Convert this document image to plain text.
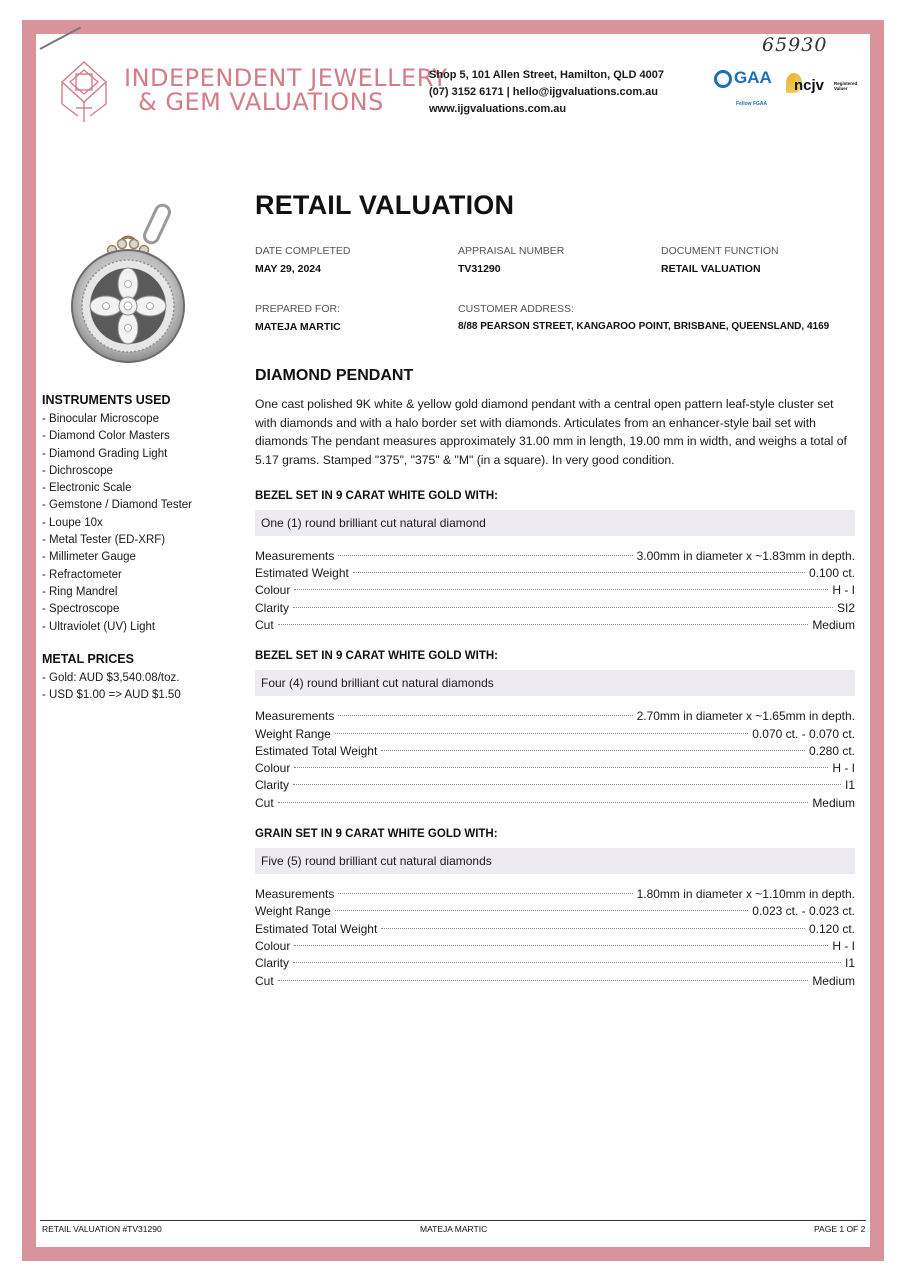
65930
INDEPENDENT JEWELLERY
& GEM VALUATIONS
Shop 5, 101 Allen Street, Hamilton, QLD 4007
(07) 3152 6171 | hello@ijgvaluations.com.au
www.ijgvaluations.com.au
GAA
Fellow FGAA
ncjv Registered Valuer
INSTRUMENTS USED
- Binocular Microscope
- Diamond Color Masters
- Diamond Grading Light
- Dichroscope
- Electronic Scale
- Gemstone / Diamond Tester
- Loupe 10x
- Metal Tester (ED-XRF)
- Millimeter Gauge
- Refractometer
- Ring Mandrel
- Spectroscope
- Ultraviolet (UV) Light
METAL PRICES
- Gold: AUD $3,540.08/toz.
- USD $1.00 => AUD $1.50
RETAIL VALUATION
DATE COMPLETED
MAY 29, 2024
APPRAISAL NUMBER
TV31290
DOCUMENT FUNCTION
RETAIL VALUATION
PREPARED FOR:
MATEJA MARTIC
CUSTOMER ADDRESS:
8/88 PEARSON STREET, KANGAROO POINT, BRISBANE, QUEENSLAND, 4169
DIAMOND PENDANT
One cast polished 9K white & yellow gold diamond pendant with a central open pattern leaf-style cluster set with diamonds and with a halo border set with diamonds. Articulates from an enhancer-style bail set with diamonds The pendant measures approximately 31.00 mm in length, 19.00 mm in width, and weighs a total of 5.17 grams. Stamped "375", "375" & "M" (in a square). In very good condition.
BEZEL SET IN 9 CARAT WHITE GOLD WITH:
One (1) round brilliant cut natural diamond
Measurements	3.00mm in diameter x ~1.83mm in depth.
Estimated Weight	0.100 ct.
Colour	H - I
Clarity	SI2
Cut	Medium
BEZEL SET IN 9 CARAT WHITE GOLD WITH:
Four (4) round brilliant cut natural diamonds
Measurements	2.70mm in diameter x ~1.65mm in depth.
Weight Range	0.070 ct. - 0.070 ct.
Estimated Total Weight	0.280 ct.
Colour	H - I
Clarity	I1
Cut	Medium
GRAIN SET IN 9 CARAT WHITE GOLD WITH:
Five (5) round brilliant cut natural diamonds
Measurements	1.80mm in diameter x ~1.10mm in depth.
Weight Range	0.023 ct. - 0.023 ct.
Estimated Total Weight	0.120 ct.
Colour	H - I
Clarity	I1
Cut	Medium
RETAIL VALUATION #TV31290	MATEJA MARTIC	PAGE 1 OF 2
